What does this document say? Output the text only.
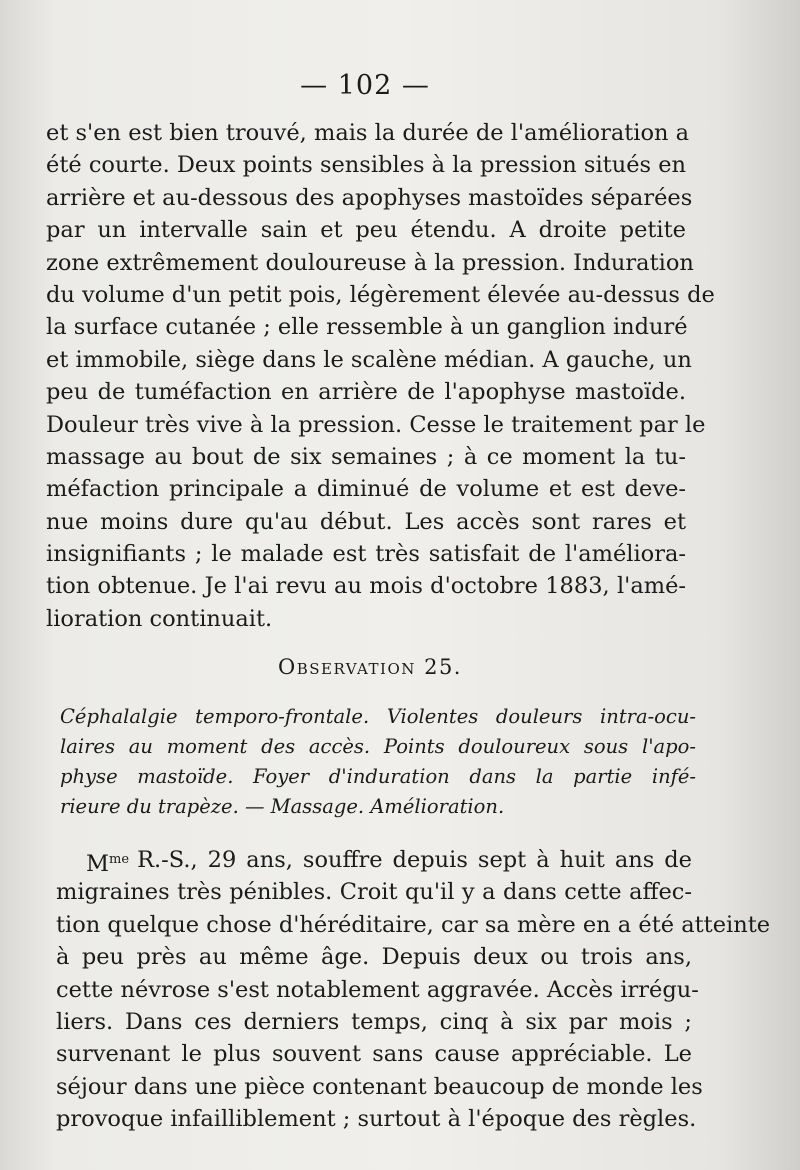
— 102 —
et s'en est bien trouvé, mais la durée de l'amélioration a
été courte. Deux points sensibles à la pression situés en
arrière et au-dessous des apophyses mastoïdes séparées
par un intervalle sain et peu étendu. A droite petite
zone extrêmement douloureuse à la pression. Induration
du volume d'un petit pois, légèrement élevée au-dessus de
la surface cutanée ; elle ressemble à un ganglion induré
et immobile, siège dans le scalène médian. A gauche, un
peu de tuméfaction en arrière de l'apophyse mastoïde.
Douleur très vive à la pression. Cesse le traitement par le
massage au bout de six semaines ; à ce moment la tu-
méfaction principale a diminué de volume et est deve-
nue moins dure qu'au début. Les accès sont rares et
insignifiants ; le malade est très satisfait de l'améliora-
tion obtenue. Je l'ai revu au mois d'octobre 1883, l'amé-
lioration continuait.
Observation 25.
Céphalalgie temporo-frontale. Violentes douleurs intra-ocu-
laires au moment des accès. Points douloureux sous l'apo-
physe mastoïde. Foyer d'induration dans la partie infé-
rieure du trapèze. — Massage. Amélioration.
$M^{me}$ R.-S., 29 ans, souffre depuis sept à huit ans de
migraines très pénibles. Croit qu'il y a dans cette affec-
tion quelque chose d'héréditaire, car sa mère en a été atteinte
à peu près au même âge. Depuis deux ou trois ans,
cette névrose s'est notablement aggravée. Accès irrégu-
liers. Dans ces derniers temps, cinq à six par mois ;
survenant le plus souvent sans cause appréciable. Le
séjour dans une pièce contenant beaucoup de monde les
provoque infailliblement ; surtout à l'époque des règles.
